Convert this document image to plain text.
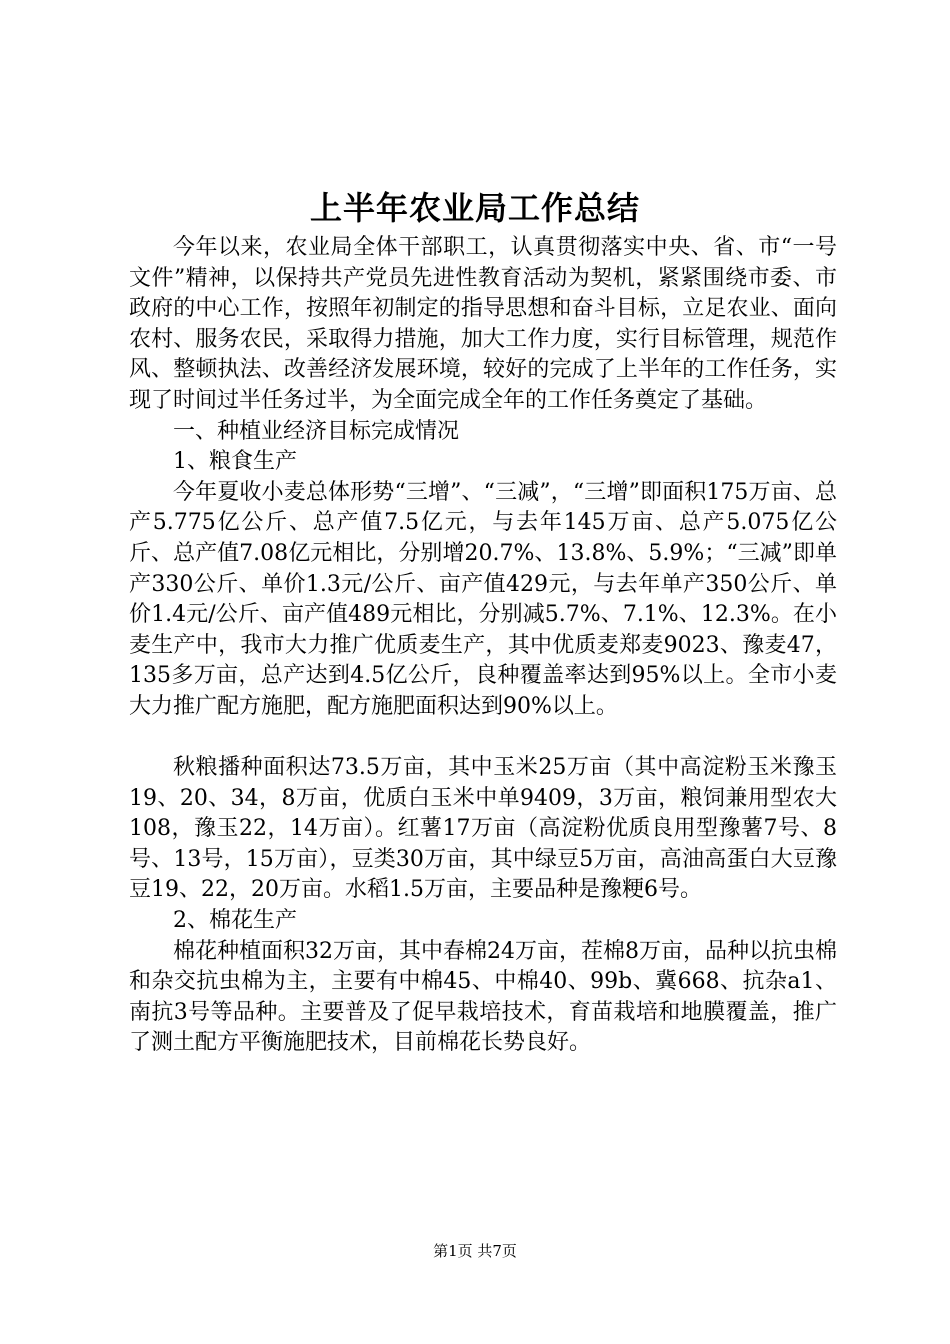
上半年农业局工作总结

今年以来，农业局全体干部职工，认真贯彻落实中央、省、市“一号文件”精神，以保持共产党员先进性教育活动为契机，紧紧围绕市委、市政府的中心工作，按照年初制定的指导思想和奋斗目标，立足农业、面向农村、服务农民，采取得力措施，加大工作力度，实行目标管理，规范作风、整顿执法、改善经济发展环境，较好的完成了上半年的工作任务，实现了时间过半任务过半，为全面完成全年的工作任务奠定了基础。

一、种植业经济目标完成情况

1、粮食生产

今年夏收小麦总体形势“三增”、“三减”，“三增”即面积175万亩、总产5.775亿公斤、总产值7.5亿元，与去年145万亩、总产5.075亿公斤、总产值7.08亿元相比，分别增20.7%、13.8%、5.9%；“三减”即单产330公斤、单价1.3元/公斤、亩产值429元，与去年单产350公斤、单价1.4元/公斤、亩产值489元相比，分别减5.7%、7.1%、12.3%。在小麦生产中，我市大力推广优质麦生产，其中优质麦郑麦9023、豫麦47，135多万亩，总产达到4.5亿公斤，良种覆盖率达到95%以上。全市小麦大力推广配方施肥，配方施肥面积达到90%以上。

秋粮播种面积达73.5万亩，其中玉米25万亩（其中高淀粉玉米豫玉19、20、34，8万亩，优质白玉米中单9409，3万亩，粮饲兼用型农大108，豫玉22，14万亩）。红薯17万亩（高淀粉优质良用型豫薯7号、8号、13号，15万亩），豆类30万亩，其中绿豆5万亩，高油高蛋白大豆豫豆19、22，20万亩。水稻1.5万亩，主要品种是豫粳6号。

2、棉花生产

棉花种植面积32万亩，其中春棉24万亩，茬棉8万亩，品种以抗虫棉和杂交抗虫棉为主，主要有中棉45、中棉40、99b、冀668、抗杂a1、南抗3号等品种。主要普及了促早栽培技术，育苗栽培和地膜覆盖，推广了测土配方平衡施肥技术，目前棉花长势良好。

第1页 共7页
